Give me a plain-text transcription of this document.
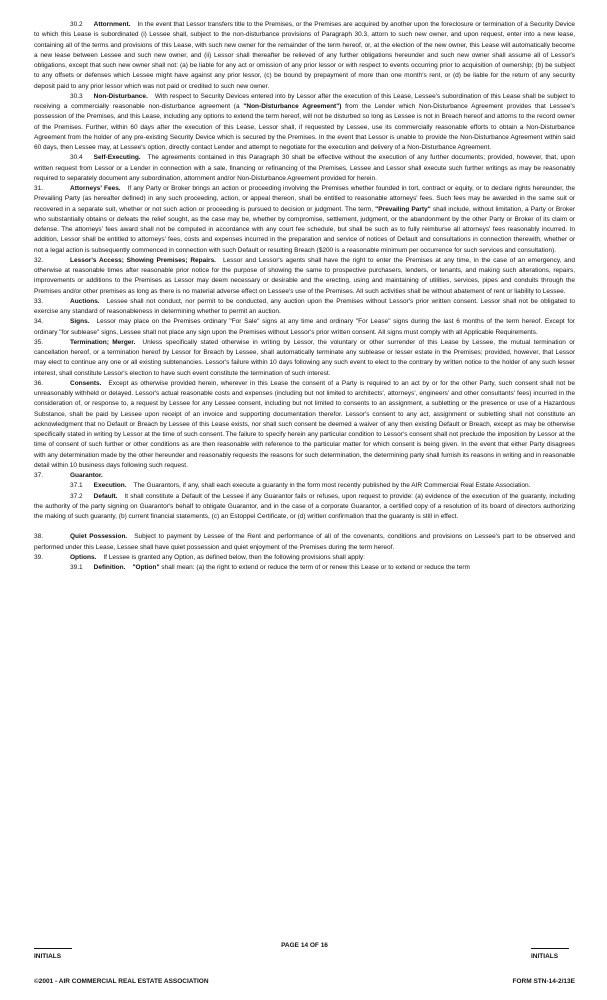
30.2 Attornment. In the event that Lessor transfers title to the Premises, or the Premises are acquired by another upon the foreclosure or termination of a Security Device to which this Lease is subordinated (i) Lessee shall, subject to the non-disturbance provisions of Paragraph 30.3, attorn to such new owner, and upon request, enter into a new lease, containing all of the terms and provisions of this Lease, with such new owner for the remainder of the term hereof, or, at the election of the new owner, this Lease will automatically become a new lease between Lessee and such new owner, and (ii) Lessor shall thereafter be relieved of any further obligations hereunder and such new owner shall assume all of Lessor's obligations, except that such new owner shall not: (a) be liable for any act or omission of any prior lessor or with respect to events occurring prior to acquisition of ownership; (b) be subject to any offsets or defenses which Lessee might have against any prior lessor, (c) be bound by prepayment of more than one month's rent, or (d) be liable for the return of any security deposit paid to any prior lessor which was not paid or credited to such new owner.

30.3 Non-Disturbance. With respect to Security Devices entered into by Lessor after the execution of this Lease, Lessee's subordination of this Lease shall be subject to receiving a commercially reasonable non-disturbance agreement (a "Non-Disturbance Agreement") from the Lender which Non-Disturbance Agreement provides that Lessee's possession of the Premises, and this Lease, including any options to extend the term hereof, will not be disturbed so long as Lessee is not in Breach hereof and attorns to the record owner of the Premises. Further, within 60 days after the execution of this Lease, Lessor shall, if requested by Lessee, use its commercially reasonable efforts to obtain a Non-Disturbance Agreement from the holder of any pre-existing Security Device which is secured by the Premises. In the event that Lessor is unable to provide the Non-Disturbance Agreement within said 60 days, then Lessee may, at Lessee's option, directly contact Lender and attempt to negotiate for the execution and delivery of a Non-Disturbance Agreement.

30.4 Self-Executing. The agreements contained in this Paragraph 30 shall be effective without the execution of any further documents; provided, however, that, upon written request from Lessor or a Lender in connection with a sale, financing or refinancing of the Premises, Lessee and Lessor shall execute such further writings as may be reasonably required to separately document any subordination, attornment and/or Non-Disturbance Agreement provided for herein.

31.	Attorneys' Fees. If any Party or Broker brings an action or proceeding involving the Premises whether founded in tort, contract or equity, or to declare rights hereunder, the Prevailing Party (as hereafter defined) in any such proceeding, action, or appeal thereon, shall be entitled to reasonable attorneys' fees. Such fees may be awarded in the same suit or recovered in a separate suit, whether or not such action or proceeding is pursued to decision or judgment. The term, "Prevailing Party" shall include, without limitation, a Party or Broker who substantially obtains or defeats the relief sought, as the case may be, whether by compromise, settlement, judgment, or the abandonment by the other Party or Broker of its claim or defense. The attorneys' fees award shall not be computed in accordance with any court fee schedule, but shall be such as to fully reimburse all attorneys' fees reasonably incurred. In addition, Lessor shall be entitled to attorneys' fees, costs and expenses incurred in the preparation and service of notices of Default and consultations in connection therewith, whether or not a legal action is subsequently commenced in connection with such Default or resulting Breach ($200 is a reasonable minimum per occurrence for such services and consultation).

32.	Lessor's Access; Showing Premises; Repairs. Lessor and Lessor's agents shall have the right to enter the Premises at any time, in the case of an emergency, and otherwise at reasonable times after reasonable prior notice for the purpose of showing the same to prospective purchasers, lenders, or tenants, and making such alterations, repairs, improvements or additions to the Premises as Lessor may deem necessary or desirable and the erecting, using and maintaining of utilities, services, pipes and conduits through the Premises and/or other premises as long as there is no material adverse effect on Lessee's use of the Premises. All such activities shall be without abatement of rent or liability to Lessee.

33.	Auctions. Lessee shall not conduct, nor permit to be conducted, any auction upon the Premises without Lessor's prior written consent. Lessor shall not be obligated to exercise any standard of reasonableness in determining whether to permit an auction.

34.	Signs. Lessor may place on the Premises ordinary "For Sale" signs at any time and ordinary "For Lease" signs during the last 6 months of the term hereof. Except for ordinary "for sublease" signs, Lessee shall not place any sign upon the Premises without Lessor's prior written consent. All signs must comply with all Applicable Requirements.

35.	Termination; Merger. Unless specifically stated otherwise in writing by Lessor, the voluntary or other surrender of this Lease by Lessee, the mutual termination or cancellation hereof, or a termination hereof by Lessor for Breach by Lessee, shall automatically terminate any sublease or lesser estate in the Premises; provided, however, that Lessor may elect to continue any one or all existing subtenancies. Lessor's failure within 10 days following any such event to elect to the contrary by written notice to the holder of any such lesser interest, shall constitute Lessor's election to have such event constitute the termination of such interest.

36.	Consents. Except as otherwise provided herein, wherever in this Lease the consent of a Party is required to an act by or for the other Party, such consent shall not be unreasonably withheld or delayed. Lessor's actual reasonable costs and expenses (including but not limited to architects', attorneys', engineers' and other consultants' fees) incurred in the consideration of, or response to, a request by Lessee for any Lessee consent, including but not limited to consents to an assignment, a subletting or the presence or use of a Hazardous Substance, shall be paid by Lessee upon receipt of an invoice and supporting documentation therefor. Lessor's consent to any act, assignment or subletting shall not constitute an acknowledgment that no Default or Breach by Lessee of this Lease exists, nor shall such consent be deemed a waiver of any then existing Default or Breach, except as may be otherwise specifically stated in writing by Lessor at the time of such consent. The failure to specify herein any particular condition to Lessor's consent shall not preclude the imposition by Lessor at the time of consent of such further or other conditions as are then reasonable with reference to the particular matter for which consent is being given. In the event that either Party disagrees with any determination made by the other hereunder and reasonably requests the reasons for such determination, the determining party shall furnish its reasons in writing and in reasonable detail within 10 business days following such request.

37.	Guarantor.

37.1 Execution. The Guarantors, if any, shall each execute a guaranty in the form most recently published by the AIR Commercial Real Estate Association.

37.2 Default. It shall constitute a Default of the Lessee if any Guarantor fails or refuses, upon request to provide: (a) evidence of the execution of the guaranty, including the authority of the party signing on Guarantor's behalf to obligate Guarantor, and in the case of a corporate Guarantor, a certified copy of a resolution of its board of directors authorizing the making of such guaranty, (b) current financial statements, (c) an Estoppel Certificate, or (d) written confirmation that the guaranty is still in effect.

38.	Quiet Possession. Subject to payment by Lessee of the Rent and performance of all of the covenants, conditions and provisions on Lessee's part to be observed and performed under this Lease, Lessee shall have quiet possession and quiet enjoyment of the Premises during the term hereof.

39.	Options. If Lessee is granted any Option, as defined below, then the following provisions shall apply:

39.1 Definition. "Option" shall mean: (a) the right to extend or reduce the term of or renew this Lease or to extend or reduce the term

INITIALS
PAGE 14 OF 16
INITIALS
©2001 - AIR COMMERCIAL REAL ESTATE ASSOCIATION	FORM STN-14-2/13E
